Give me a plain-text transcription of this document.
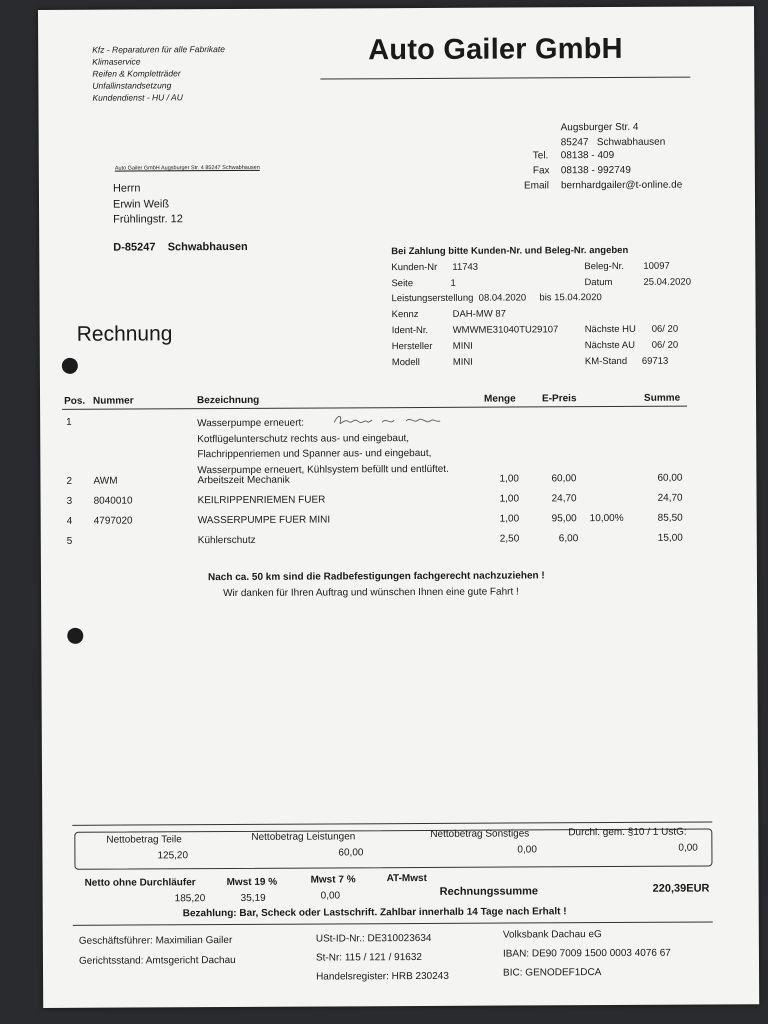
Kfz - Reparaturen für alle Fabrikate
Klimaservice
Reifen & Kompletträder
Unfallinstandsetzung
Kundendienst - HU / AU
Auto Gailer GmbH
Augsburger Str. 4
85247 Schwabhausen
Tel. 08138 - 409
Fax 08138 - 992749
Email bernhardgailer@t-online.de
Auto Gailer GmbH Augsburger Str. 4 85247 Schwabhausen
Herrn
Erwin Weiß
Frühlingstr. 12
D-85247 Schwabhausen	Bei Zahlung bitte Kunden-Nr. und Beleg-Nr. angeben
Kunden-Nr 11743	Beleg-Nr. 10097
Seite	1	Datum	25.04.2020
Leistungserstellung 08.04.2020 bis 15.04.2020
Kennz	DAH-MW 87
Ident-Nr.	WMWME31040TU29107	Nächste HU 06/ 20
Hersteller MINI	Nächste AU 06/ 20
Modell	MINI	KM-Stand 69713
Rechnung
Pos. Nummer	Bezeichnung	Menge	E-Preis	Summe
1	Wasserpumpe erneuert:
Kotflügelunterschutz rechts aus- und eingebaut,
Flachrippenriemen und Spanner aus- und eingebaut,
Wasserpumpe erneuert, Kühlsystem befüllt und entlüftet.
2 AWM	Arbeitszeit Mechanik	1,00	60,00	60,00
3 8040010	KEILRIPPENRIEMEN FUER	1,00	24,70	24,70
4 4797020	WASSERPUMPE FUER MINI	1,00	95,00 10,00%	85,50
5	Kühlerschutz	2,50	6,00	15,00
Nach ca. 50 km sind die Radbefestigungen fachgerecht nachzuziehen !
Wir danken für Ihren Auftrag und wünschen Ihnen eine gute Fahrt !
Nettobetrag Teile
125,20
Nettobetrag Leistungen
60,00
Nettobetrag Sonstiges
0,00
Durchl. gem. §10 / 1 UstG:
0,00
Netto ohne Durchläufer
185,20
Mwst 19 %
35,19
Mwst 7 %
0,00
AT-Mwst
Rechnungssumme	220,39EUR
Bezahlung: Bar, Scheck oder Lastschrift. Zahlbar innerhalb 14 Tage nach Erhalt !
Geschäftsführer: Maximilian Gailer
Gerichtsstand: Amtsgericht Dachau
USt-ID-Nr.: DE310023634
St-Nr: 115 / 121 / 91632
Handelsregister: HRB 230243
Volksbank Dachau eG
IBAN: DE90 7009 1500 0003 4076 67
BIC: GENODEF1DCA
